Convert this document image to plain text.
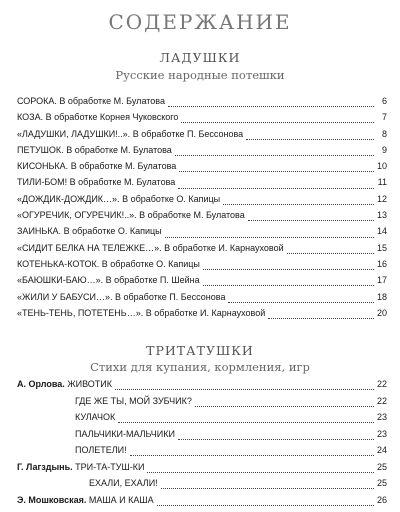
СОДЕРЖАНИЕ
ЛАДУШКИ
Русские народные потешки
СОРОКА. В обработке М. Булатова	6
КОЗА. В обработке Корнея Чуковского	7
«ЛАДУШКИ, ЛАДУШКИ!..». В обработке П. Бессонова	8
ПЕТУШОК. В обработке М. Булатова	9
КИСОНЬКА. В обработке М. Булатова	10
ТИЛИ-БОМ! В обработке М. Булатова	11
«ДОЖДИК-ДОЖДИК…». В обработке О. Капицы	12
«ОГУРЕЧИК, ОГУРЕЧИК!..». В обработке М. Булатова	13
ЗАИНЬКА. В обработке О. Капицы	14
«СИДИТ БЕЛКА НА ТЕЛЕЖКЕ…». В обработке И. Карнауховой	15
КОТЕНЬКА-КОТОК. В обработке О. Капицы	16
«БАЮШКИ-БАЮ…». В обработке П. Шейна	17
«ЖИЛИ У БАБУСИ…». В обработке П. Бессонова	18
«ТЕНЬ-ТЕНЬ, ПОТЕТЕНЬ…». В обработке И. Карнауховой	20
ТРИТАТУШКИ
Стихи для купания, кормления, игр
А. Орлова. ЖИВОТИК	22
ГДЕ ЖЕ ТЫ, МОЙ ЗУБЧИК?	22
КУЛАЧОК	23
ПАЛЬЧИКИ-МАЛЬЧИКИ	23
ПОЛЕТЕЛИ!	24
Г. Лагздынь. ТРИ-ТА-ТУШ-КИ	25
ЕХАЛИ, ЕХАЛИ!	25
Э. Мошковская. МАША И КАША	26
